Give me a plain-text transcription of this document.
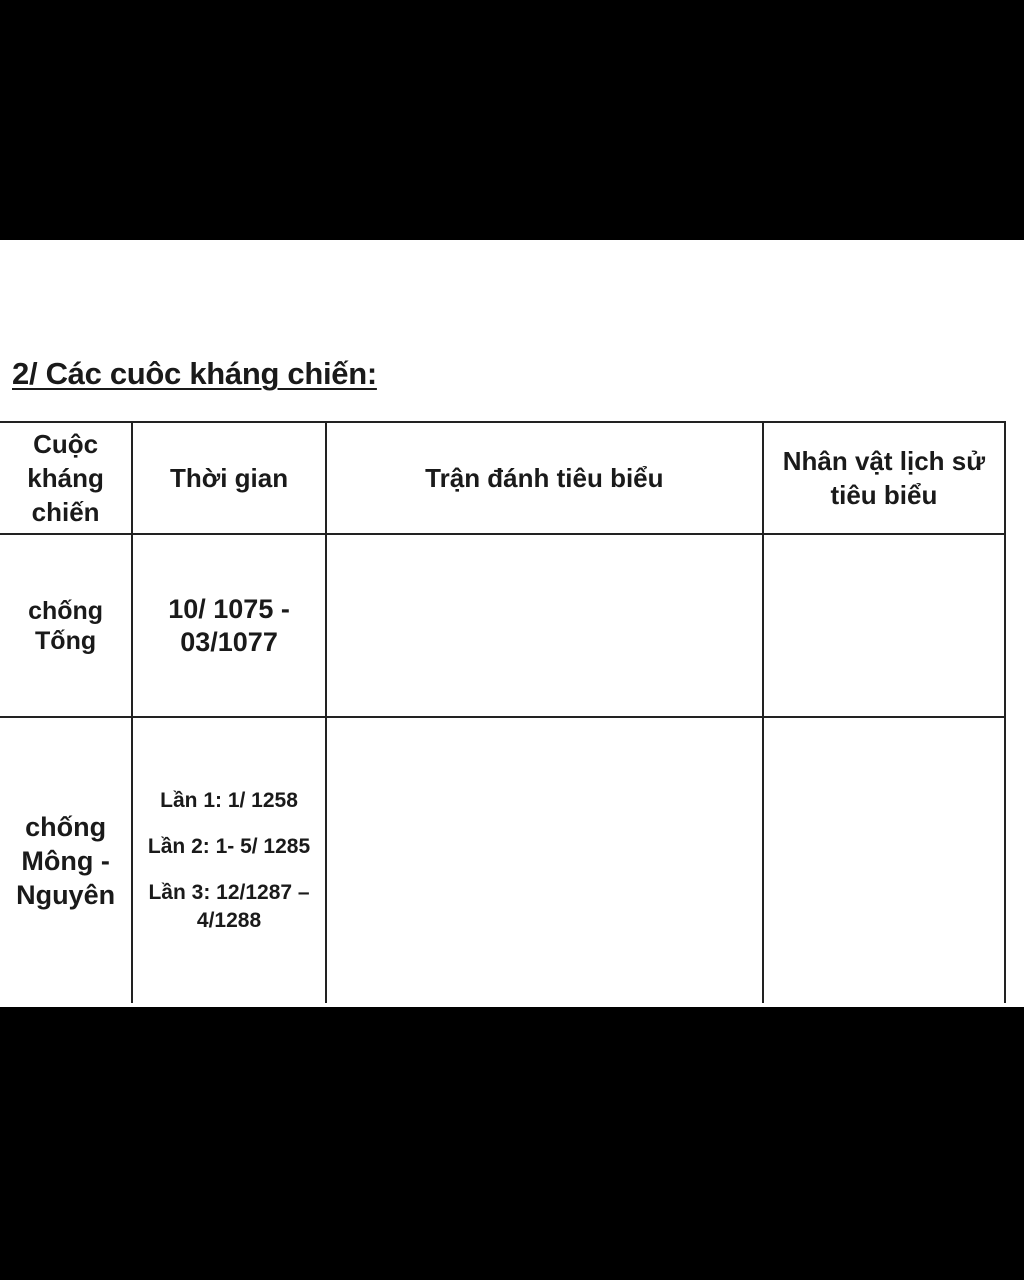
2/ Các cuôc kháng chiến:
Cuộc kháng chiến	Thời gian	Trận đánh tiêu biểu	Nhân vật lịch sử tiêu biểu

chống Tống	10/ 1075 - 03/1077		

chống Mông - Nguyên	Lần 1: 1/ 1258
Lần 2: 1- 5/ 1285
Lần 3: 12/1287 – 4/1288		
